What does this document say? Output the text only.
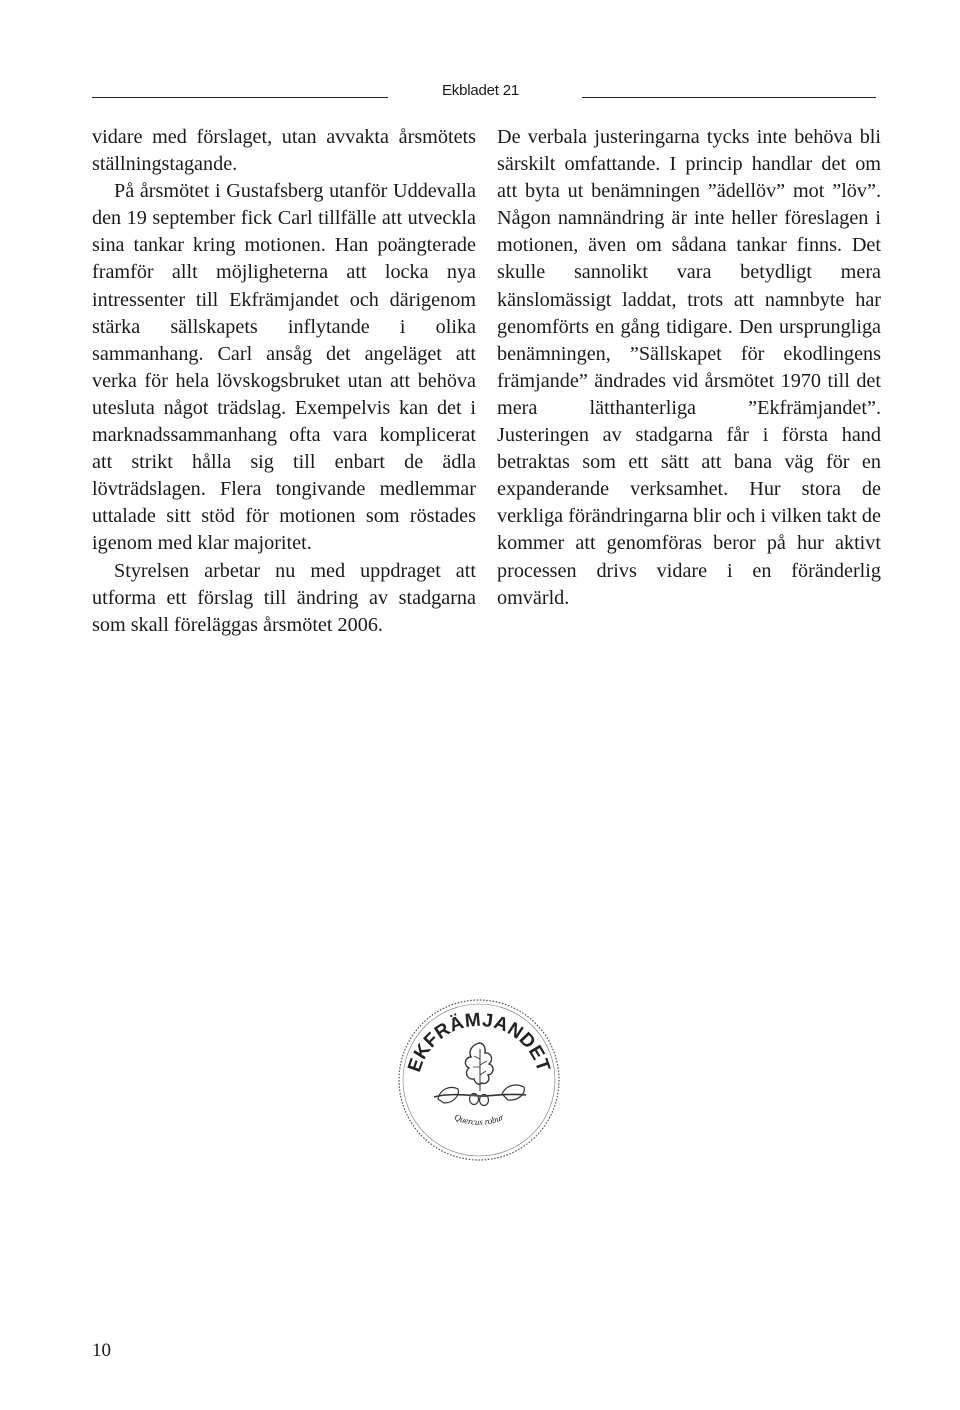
Ekbladet 21

vidare med förslaget, utan avvakta årsmötets ställningstagande.

På årsmötet i Gustafsberg utanför Uddevalla den 19 september fick Carl tillfälle att utveckla sina tankar kring motionen. Han poängterade framför allt möjligheterna att locka nya intressenter till Ekfrämjandet och därigenom stärka sällskapets inflytande i olika sammanhang. Carl ansåg det angeläget att verka för hela lövskogsbruket utan att behöva utesluta något trädslag. Exempelvis kan det i marknadssammanhang ofta vara komplicerat att strikt hålla sig till enbart de ädla lövträdslagen. Flera tongivande medlemmar uttalade sitt stöd för motionen som röstades igenom med klar majoritet.

Styrelsen arbetar nu med uppdraget att utforma ett förslag till ändring av stadgarna som skall föreläggas årsmötet 2006.

De verbala justeringarna tycks inte behöva bli särskilt omfattande. I princip handlar det om att byta ut benämningen ”ädellöv” mot ”löv”. Någon namnändring är inte heller föreslagen i motionen, även om sådana tankar finns. Det skulle sannolikt vara betydligt mera känslomässigt laddat, trots att namnbyte har genomförts en gång tidigare. Den ursprungliga benämningen, ”Sällskapet för ekodlingens främjande” ändrades vid årsmötet 1970 till det mera lätthanterliga ”Ekfrämjandet”. Justeringen av stadgarna får i första hand betraktas som ett sätt att bana väg för en expanderande verksamhet. Hur stora de verkliga förändringarna blir och i vilken takt de kommer att genomföras beror på hur aktivt processen drivs vidare i en föränderlig omvärld.

EKFRÄMJANDET
Quercus robur
10
